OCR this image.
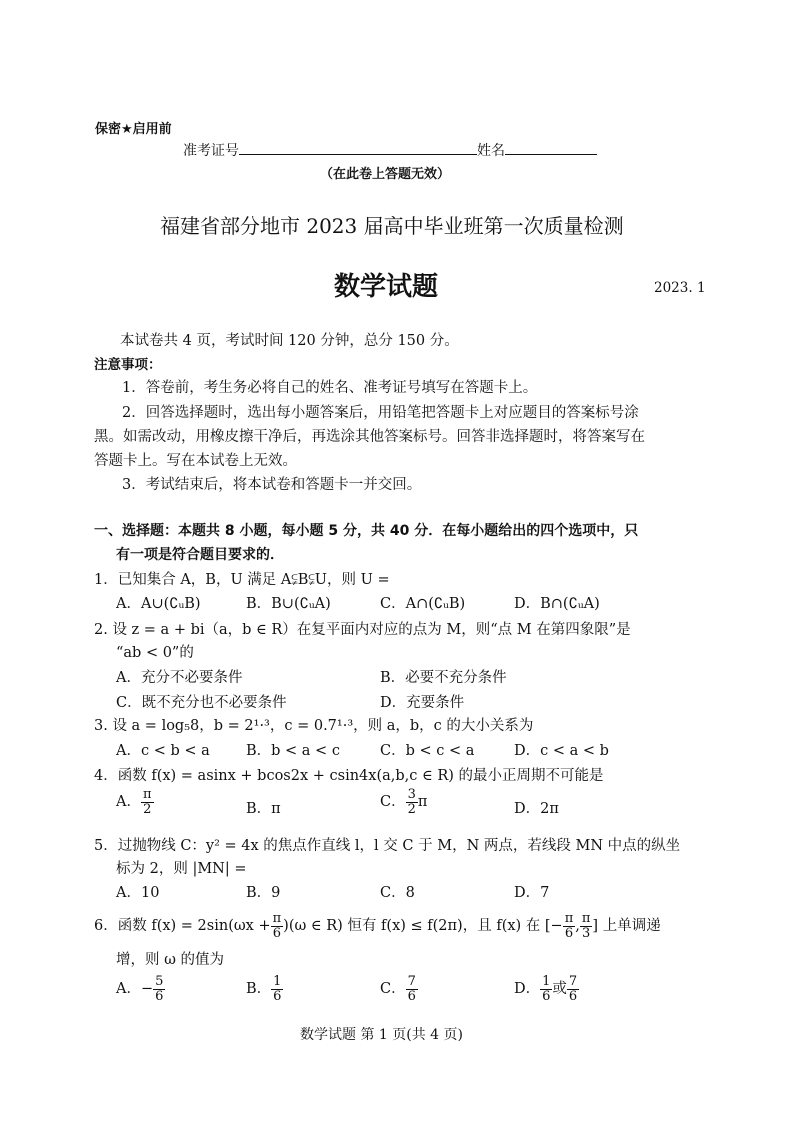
保密★启用前
准考证号	姓名
（在此卷上答题无效）
福建省部分地市 2023 届高中毕业班第一次质量检测
数学试题	2023. 1
本试卷共 4 页，考试时间 120 分钟，总分 150 分。
注意事项：
1．答卷前，考生务必将自己的姓名、准考证号填写在答题卡上。
2．回答选择题时，选出每小题答案后，用铅笔把答题卡上对应题目的答案标号涂
黑。如需改动，用橡皮擦干净后，再选涂其他答案标号。回答非选择题时，将答案写在
答题卡上。写在本试卷上无效。
3．考试结束后，将本试卷和答题卡一并交回。
一、选择题：本题共 8 小题，每小题 5 分，共 40 分．在每小题给出的四个选项中，只
有一项是符合题目要求的．
1．已知集合 A，B，U 满足 A⫋B⫋U，则 U =
A．A∪(∁ᵤB)	B．B∪(∁ᵤA)	C．A∩(∁ᵤB)	D．B∩(∁ᵤA)
2. 设 z = a + bi（a，b ∈ R）在复平面内对应的点为 M，则“点 M 在第四象限”是
“ab < 0”的
A．充分不必要条件	B．必要不充分条件
C．既不充分也不必要条件	D．充要条件
3. 设 a = log₅8，b = 2¹·³，c = 0.7¹·³，则 a，b，c 的大小关系为
A．c < b < a B．b < a < c	C．b < c < a	D．c < a < b
4．函数 f(x) = asinx + bcos2x + csin4x(a,b,c ∈ R) 的最小正周期不可能是
A． $\frac{\pi}{2}$	B．π	C． $\frac{3}{2}$ π	D．2π
5．过抛物线 C：y² = 4x 的焦点作直线 l，l 交 C 于 M，N 两点，若线段 MN 中点的纵坐
标为 2，则 |MN| =
A．10	B．9	C．8	D．7
6．函数 $f(x) = 2\sin(\omega x + \frac{\pi}{6} )(\omega$ ∈ R) 恒有 f(x) ≤ f(2π)，且 f(x) 在 [− $\frac{\pi}{6}$ , $\frac{\pi}{3}$ ] 上单调递
增，则 ω 的值为
A．− $\frac{5}{6}$	B． $\frac{1}{6}$	C． $\frac{7}{6}$	D． $\frac{1}{6}$ 或 $\frac{7}{6}$
数学试题 第 1 页(共 4 页)
